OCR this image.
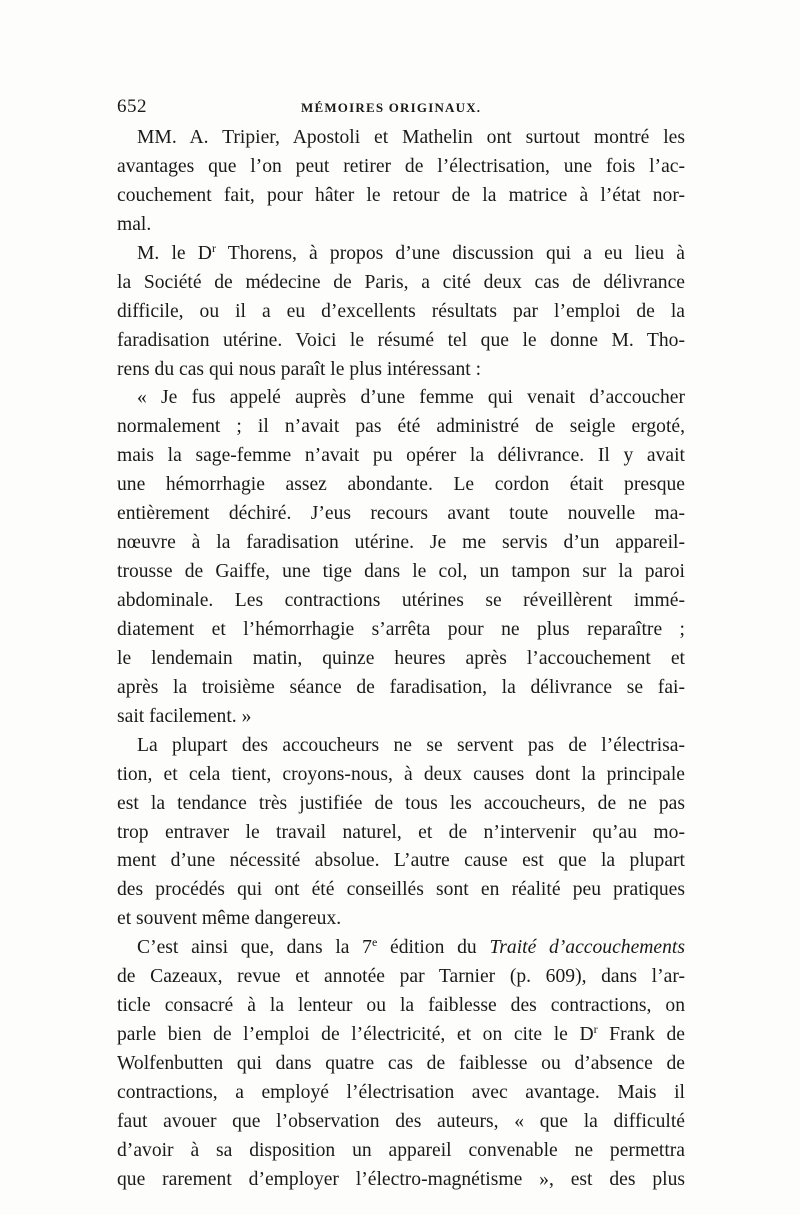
652	MÉMOIRES ORIGINAUX.
MM. A. Tripier, Apostoli et Mathelin ont surtout montré les
avantages que l’on peut retirer de l’électrisation, une fois l’ac-
couchement fait, pour hâter le retour de la matrice à l’état nor-
mal.
M. le $D^r$ Thorens, à propos d’une discussion qui a eu lieu à
la Société de médecine de Paris, a cité deux cas de délivrance
difficile, ou il a eu d’excellents résultats par l’emploi de la
faradisation utérine. Voici le résumé tel que le donne M. Tho-
rens du cas qui nous paraît le plus intéressant :
« Je fus appelé auprès d’une femme qui venait d’accoucher
normalement ; il n’avait pas été administré de seigle ergoté,
mais la sage-femme n’avait pu opérer la délivrance. Il y avait
une hémorrhagie assez abondante. Le cordon était presque
entièrement déchiré. J’eus recours avant toute nouvelle ma-
nœuvre à la faradisation utérine. Je me servis d’un appareil-
trousse de Gaiffe, une tige dans le col, un tampon sur la paroi
abdominale. Les contractions utérines se réveillèrent immé-
diatement et l’hémorrhagie s’arrêta pour ne plus reparaître ;
le lendemain matin, quinze heures après l’accouchement et
après la troisième séance de faradisation, la délivrance se fai-
sait facilement. »
La plupart des accoucheurs ne se servent pas de l’électrisa-
tion, et cela tient, croyons-nous, à deux causes dont la principale
est la tendance très justifiée de tous les accoucheurs, de ne pas
trop entraver le travail naturel, et de n’intervenir qu’au mo-
ment d’une nécessité absolue. L’autre cause est que la plupart
des procédés qui ont été conseillés sont en réalité peu pratiques
et souvent même dangereux.
C’est ainsi que, dans la 7e édition du Traité d’accouchements
de Cazeaux, revue et annotée par Tarnier (p. 609), dans l’ar-
ticle consacré à la lenteur ou la faiblesse des contractions, on
parle bien de l’emploi de l’électricité, et on cite le $D^r$ Frank de
Wolfenbutten qui dans quatre cas de faiblesse ou d’absence de
contractions, a employé l’électrisation avec avantage. Mais il
faut avouer que l’observation des auteurs, « que la difficulté
d’avoir à sa disposition un appareil convenable ne permettra
que rarement d’employer l’électro-magnétisme », est des plus
